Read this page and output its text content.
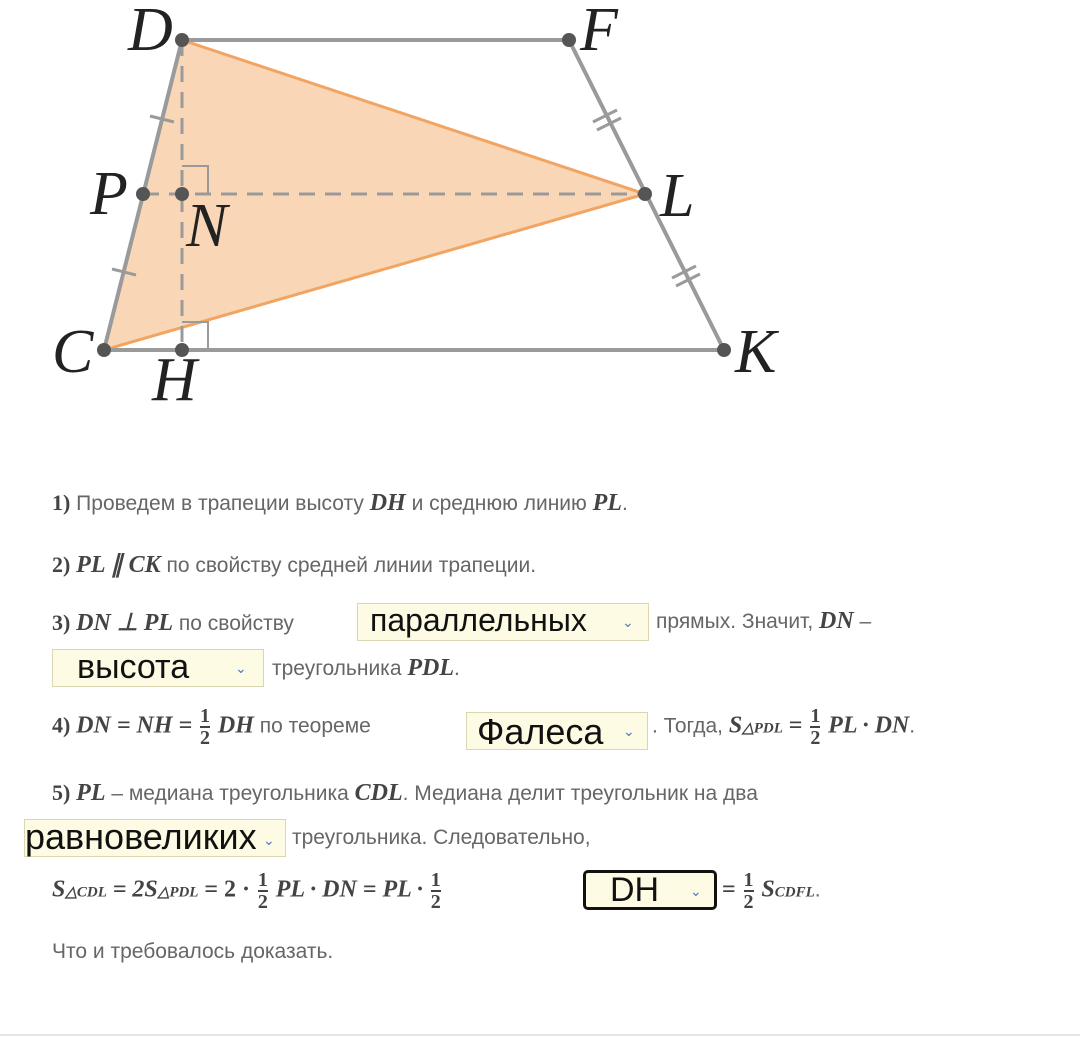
D	F
P N	L
C H	K
1) Проведем в трапеции высоту DH и среднюю линию PL.
2) PL ∥ CK по свойству средней линии трапеции.
3) DN ⊥ PL по свойству параллельных	⌄ прямых. Значит, DN –
высота	⌄ треугольника PDL.
4) DN = NH = $\frac{1}{2}$ DH по теореме	Фалеса ⌄ . Тогда, S△PDL = $\frac{1}{2}$ PL · DN.
5) PL – медиана треугольника CDL. Медиана делит треугольник на два
равновеликих ⌄ треугольника. Следовательно,
S△CDL = 2S△PDL = $2 \cdot \frac{1}{2}$ PL · DN = PL · $\frac{1}{2}$	DH ⌄ = $\frac{1}{2}$ SCDFL.
Что и требовалось доказать.
